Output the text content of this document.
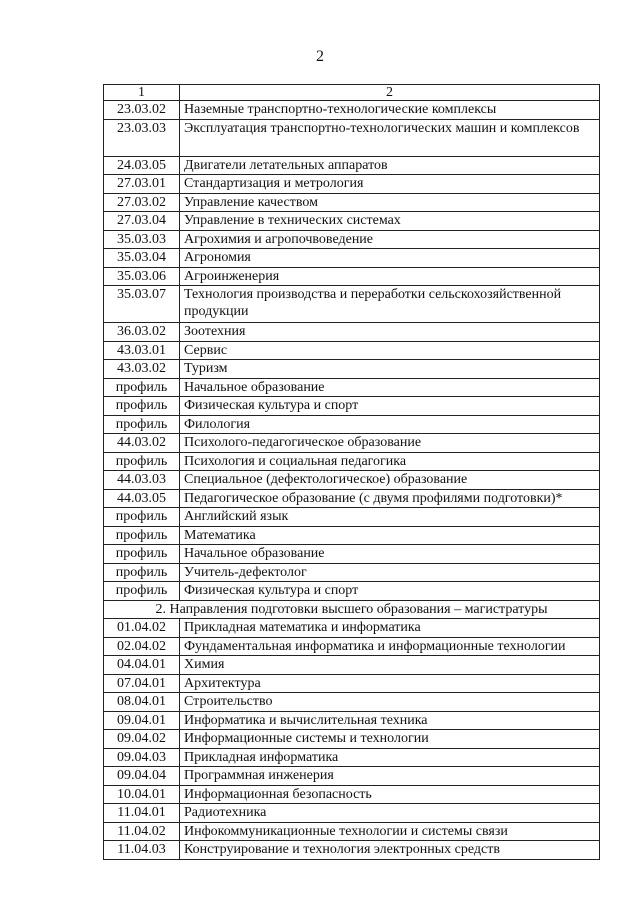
2
1	2
23.03.02	Наземные транспортно-технологические комплексы
23.03.03	Эксплуатация транспортно-технологических машин и комплексов
24.03.05	Двигатели летательных аппаратов
27.03.01	Стандартизация и метрология
27.03.02	Управление качеством
27.03.04	Управление в технических системах
35.03.03	Агрохимия и агропочвоведение
35.03.04	Агрономия
35.03.06	Агроинженерия
35.03.07	Технология производства и переработки сельскохозяйственной продукции
36.03.02	Зоотехния
43.03.01	Сервис
43.03.02	Туризм
профиль	Начальное образование
профиль	Физическая культура и спорт
профиль	Филология
44.03.02	Психолого-педагогическое образование
профиль	Психология и социальная педагогика
44.03.03	Специальное (дефектологическое) образование
44.03.05	Педагогическое образование (с двумя профилями подготовки)*
профиль	Английский язык
профиль	Математика
профиль	Начальное образование
профиль	Учитель-дефектолог
профиль	Физическая культура и спорт
2. Направления подготовки высшего образования – магистратуры	
01.04.02	Прикладная математика и информатика
02.04.02	Фундаментальная информатика и информационные технологии
04.04.01	Химия
07.04.01	Архитектура
08.04.01	Строительство
09.04.01	Информатика и вычислительная техника
09.04.02	Информационные системы и технологии
09.04.03	Прикладная информатика
09.04.04	Программная инженерия
10.04.01	Информационная безопасность
11.04.01	Радиотехника
11.04.02	Инфокоммуникационные технологии и системы связи
11.04.03	Конструирование и технология электронных средств
